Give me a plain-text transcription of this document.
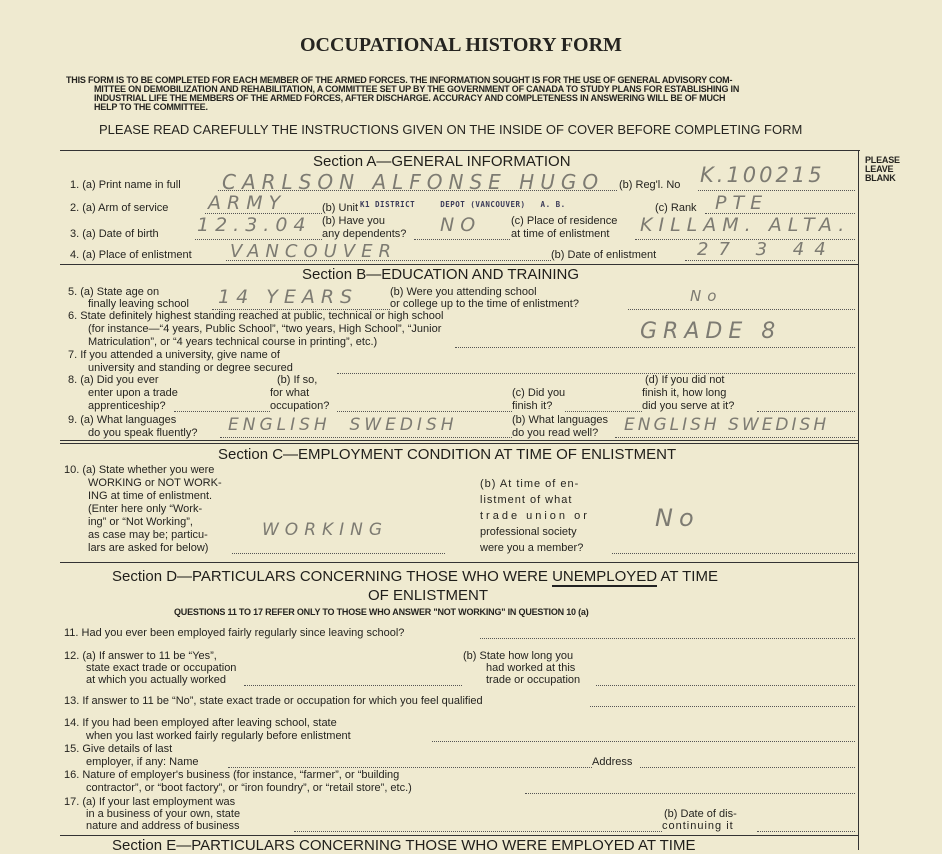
OCCUPATIONAL HISTORY FORM
THIS FORM IS TO BE COMPLETED FOR EACH MEMBER OF THE ARMED FORCES. THE INFORMATION SOUGHT IS FOR THE USE OF GENERAL ADVISORY COM-
MITTEE ON DEMOBILIZATION AND REHABILITATION, A COMMITTEE SET UP BY THE GOVERNMENT OF CANADA TO STUDY PLANS FOR ESTABLISHING IN
INDUSTRIAL LIFE THE MEMBERS OF THE ARMED FORCES, AFTER DISCHARGE. ACCURACY AND COMPLETENESS IN ANSWERING WILL BE OF MUCH
HELP TO THE COMMITTEE.
PLEASE READ CAREFULLY THE INSTRUCTIONS GIVEN ON THE INSIDE OF COVER BEFORE COMPLETING FORM
PLEASE
LEAVE
BLANK
Section A—GENERAL INFORMATION
1. (a) Print name in full CARLSON ALFONSE HUGO (b) Reg'l. No K.100215
2. (a) Arm of service ARMY	(b) Unit K1 DISTRICT     DEPOT (VANCOUVER)   A. B.	(c) Rank PTE
3. (a) Date of birth 12.3.04 (b) Have you
any dependents? NO	(c) Place of residence
at time of enlistment KILLAM. ALTA.
4. (a) Place of enlistment VANCOUVER	(b) Date of enlistment 27 3 44
Section B—EDUCATION AND TRAINING
5. (a) State age on
finally leaving school 14 YEARS	(b) Were you attending school
or college up to the time of enlistment?	No
6. State definitely highest standing reached at public, technical or high school
(for instance—“4 years, Public School”, “two years, High School”, “Junior
Matriculation”, or “4 years technical course in printing”, etc.)	GRADE 8
7. If you attended a university, give name of
university and standing or degree secured
8. (a) Did you ever
enter upon a trade
apprenticeship?
(b) If so,
for what
occupation?
(c) Did you
finish it?
(d) If you did not
finish it, how long
did you serve at it?
9. (a) What languages
do you speak fluently? ENGLISH  SWEDISH	(b) What languages
do you read well? ENGLISH SWEDISH
Section C—EMPLOYMENT CONDITION AT TIME OF ENLISTMENT
10. (a) State whether you were
WORKING or NOT WORK-
ING at time of enlistment.
(Enter here only “Work-
ing” or “Not Working”,
as case may be; particu-
lars are asked for below)
WORKING
(b) At time of en-
listment of what
trade union or
professional society
were you a member?
No
Section D—PARTICULARS CONCERNING THOSE WHO WERE UNEMPLOYED AT TIME
OF ENLISTMENT
QUESTIONS 11 TO 17 REFER ONLY TO THOSE WHO ANSWER "NOT WORKING" IN QUESTION 10 (a)
11. Had you ever been employed fairly regularly since leaving school?
12. (a) If answer to 11 be “Yes”,
state exact trade or occupation
at which you actually worked
(b) State how long you
had worked at this
trade or occupation
13. If answer to 11 be “No”, state exact trade or occupation for which you feel qualified
14. If you had been employed after leaving school, state
when you last worked fairly regularly before enlistment
15. Give details of last
employer, if any: Name	Address
16. Nature of employer's business (for instance, “farmer”, or “building
contractor”, or “boot factory”, or “iron foundry”, or “retail store”, etc.)
17. (a) If your last employment was
in a business of your own, state
nature and address of business
(b) Date of dis-
continuing it
Section E—PARTICULARS CONCERNING THOSE WHO WERE EMPLOYED AT TIME
